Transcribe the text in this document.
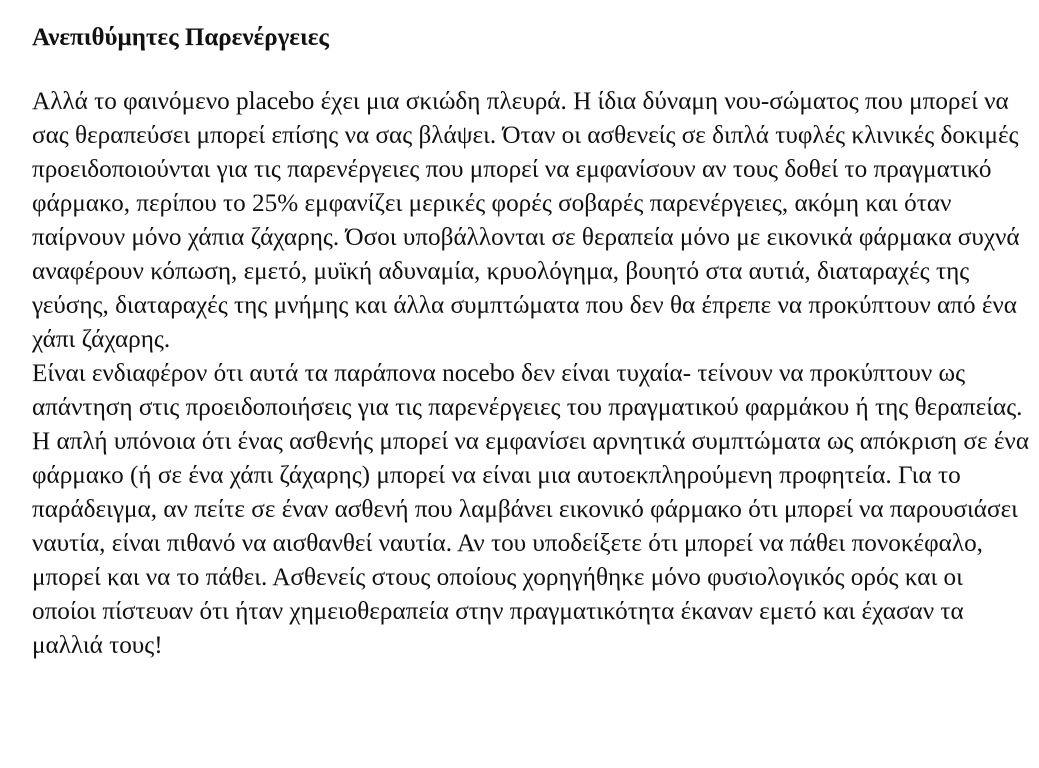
Ανεπιθύμητες Παρενέργειες

Αλλά το φαινόμενο placebo έχει μια σκιώδη πλευρά. Η ίδια δύναμη νου-σώματος που μπορεί να σας θεραπεύσει μπορεί επίσης να σας βλάψει. Όταν οι ασθενείς σε διπλά τυφλές κλινικές δοκιμές προειδοποιούνται για τις παρενέργειες που μπορεί να εμφανίσουν αν τους δοθεί το πραγματικό φάρμακο, περίπου το 25% εμφανίζει μερικές φορές σοβαρές παρενέργειες, ακόμη και όταν παίρνουν μόνο χάπια ζάχαρης. Όσοι υποβάλλονται σε θεραπεία μόνο με εικονικά φάρμακα συχνά αναφέρουν κόπωση, εμετό, μυϊκή αδυναμία, κρυολόγημα, βουητό στα αυτιά, διαταραχές της γεύσης, διαταραχές της μνήμης και άλλα συμπτώματα που δεν θα έπρεπε να προκύπτουν από ένα χάπι ζάχαρης.

Είναι ενδιαφέρον ότι αυτά τα παράπονα nocebo δεν είναι τυχαία- τείνουν να προκύπτουν ως απάντηση στις προειδοποιήσεις για τις παρενέργειες του πραγματικού φαρμάκου ή της θεραπείας. Η απλή υπόνοια ότι ένας ασθενής μπορεί να εμφανίσει αρνητικά συμπτώματα ως απόκριση σε ένα φάρμακο (ή σε ένα χάπι ζάχαρης) μπορεί να είναι μια αυτοεκπληρούμενη προφητεία. Για το παράδειγμα, αν πείτε σε έναν ασθενή που λαμβάνει εικονικό φάρμακο ότι μπορεί να παρουσιάσει ναυτία, είναι πιθανό να αισθανθεί ναυτία. Αν του υποδείξετε ότι μπορεί να πάθει πονοκέφαλο, μπορεί και να το πάθει. Ασθενείς στους οποίους χορηγήθηκε μόνο φυσιολογικός ορός και οι οποίοι πίστευαν ότι ήταν χημειοθεραπεία στην πραγματικότητα έκαναν εμετό και έχασαν τα μαλλιά τους!
